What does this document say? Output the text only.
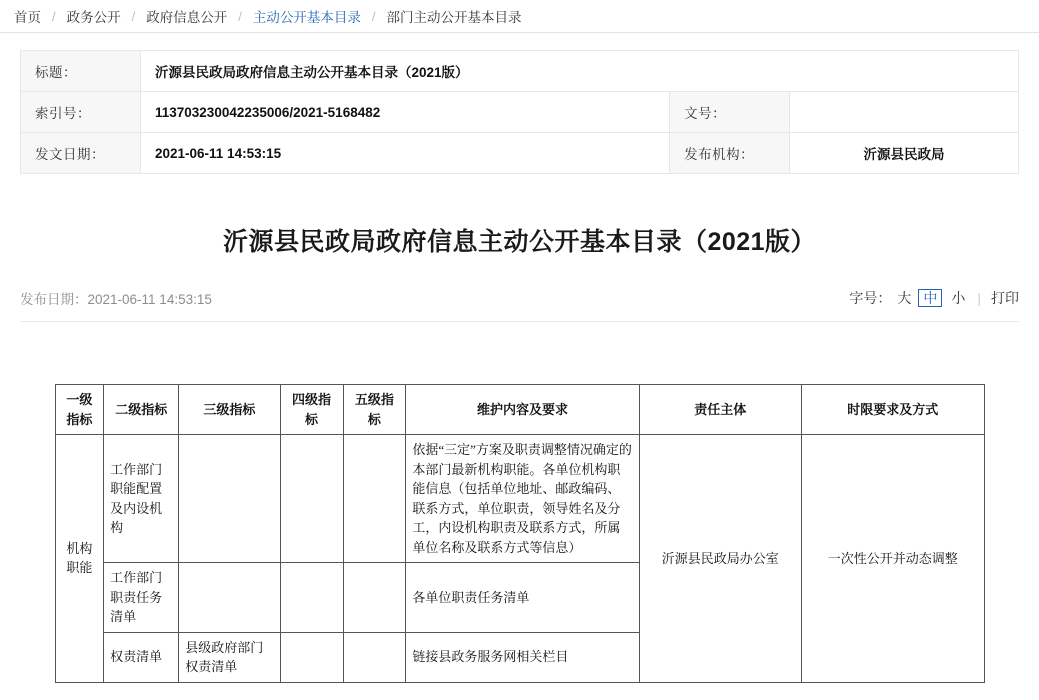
首页 / 政务公开 / 政府信息公开 / 主动公开基本目录 / 部门主动公开基本目录
标题：	沂源县民政局政府信息主动公开基本目录（2021版）		
索引号：	113703230042235006/2021-5168482	文号：	
发文日期：	2021-06-11 14:53:15	发布机构：	沂源县民政局
沂源县民政局政府信息主动公开基本目录（2021版）
发布日期：2021-06-11 14:53:15	字号： 大 中	小 | 打印
一级指标	二级指标	三级指标	四级指标	五级指标	维护内容及要求	责任主体	时限要求及方式
机构职能	工作部门职能配置及内设机构				依据“三定”方案及职责调整情况确定的本部门最新机构职能。各单位机构职能信息（包括单位地址、邮政编码、联系方式，单位职责，领导姓名及分工，内设机构职责及联系方式，所属单位名称及联系方式等信息）	沂源县民政局办公室	一次性公开并动态调整
	工作部门职责任务清单				各单位职责任务清单		
	权责清单	县级政府部门权责清单			链接县政务服务网相关栏目		
